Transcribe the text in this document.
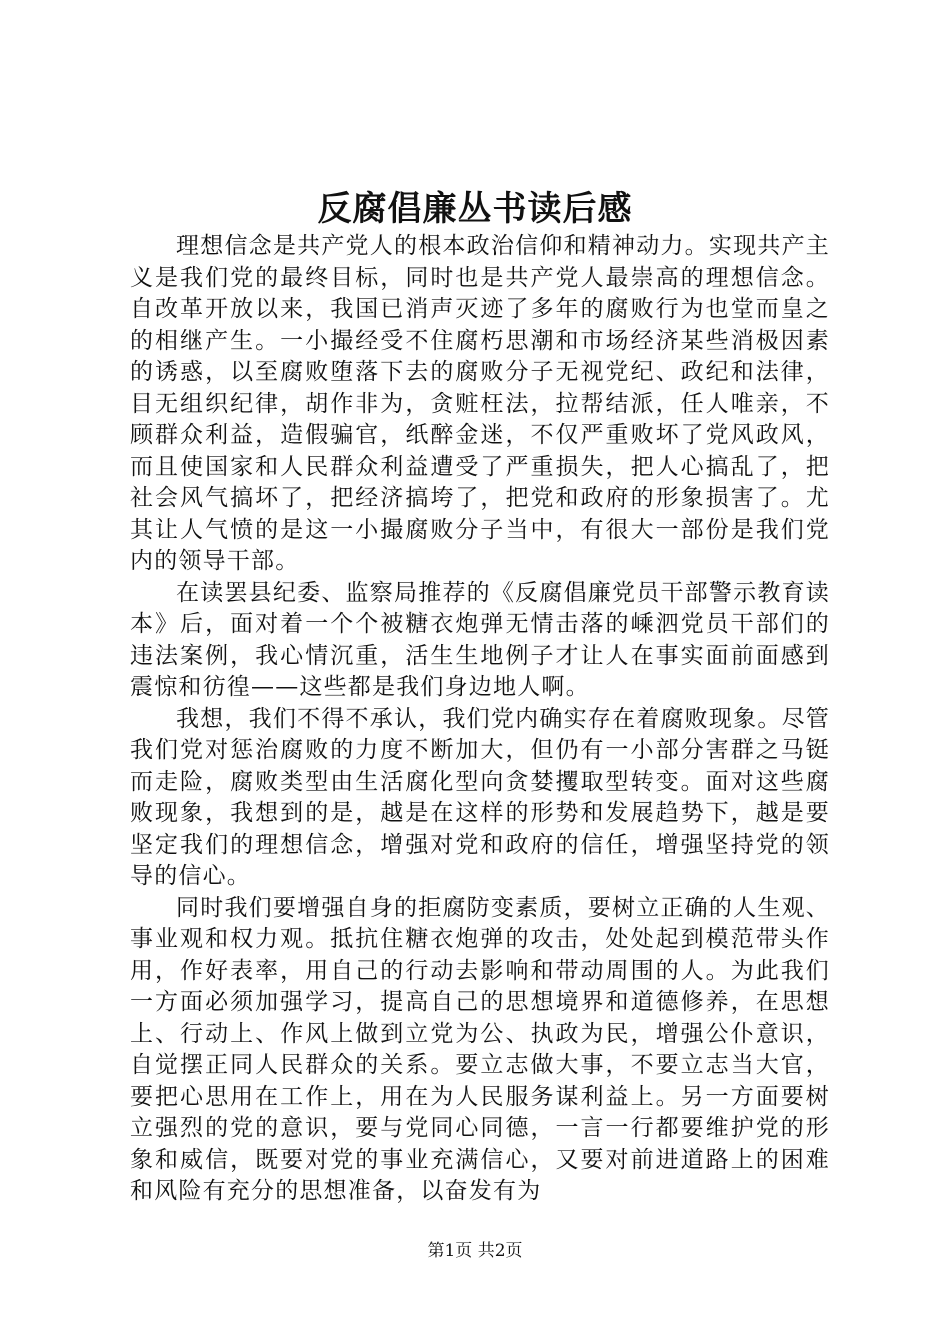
反腐倡廉丛书读后感

理想信念是共产党人的根本政治信仰和精神动力。实现共产主义是我们党的最终目标，同时也是共产党人最崇高的理想信念。自改革开放以来，我国已消声灭迹了多年的腐败行为也堂而皇之的相继产生。一小撮经受不住腐朽思潮和市场经济某些消极因素的诱惑，以至腐败堕落下去的腐败分子无视党纪、政纪和法律，目无组织纪律，胡作非为，贪赃枉法，拉帮结派，任人唯亲，不顾群众利益，造假骗官，纸醉金迷，不仅严重败坏了党风政风，而且使国家和人民群众利益遭受了严重损失，把人心搞乱了，把社会风气搞坏了，把经济搞垮了，把党和政府的形象损害了。尤其让人气愤的是这一小撮腐败分子当中，有很大一部份是我们党内的领导干部。

在读罢县纪委、监察局推荐的《反腐倡廉党员干部警示教育读本》后，面对着一个个被糖衣炮弹无情击落的嵊泗党员干部们的违法案例，我心情沉重，活生生地例子才让人在事实面前面感到震惊和彷徨——这些都是我们身边地人啊。

我想，我们不得不承认，我们党内确实存在着腐败现象。尽管我们党对惩治腐败的力度不断加大，但仍有一小部分害群之马铤而走险，腐败类型由生活腐化型向贪婪攫取型转变。面对这些腐败现象，我想到的是，越是在这样的形势和发展趋势下，越是要坚定我们的理想信念，增强对党和政府的信任，增强坚持党的领导的信心。

同时我们要增强自身的拒腐防变素质，要树立正确的人生观、事业观和权力观。抵抗住糖衣炮弹的攻击，处处起到模范带头作用，作好表率，用自己的行动去影响和带动周围的人。为此我们一方面必须加强学习，提高自己的思想境界和道德修养，在思想上、行动上、作风上做到立党为公、执政为民，增强公仆意识，自觉摆正同人民群众的关系。要立志做大事，不要立志当大官，要把心思用在工作上，用在为人民服务谋利益上。另一方面要树立强烈的党的意识，要与党同心同德，一言一行都要维护党的形象和威信，既要对党的事业充满信心，又要对前进道路上的困难和风险有充分的思想准备，以奋发有为

第1页 共2页
